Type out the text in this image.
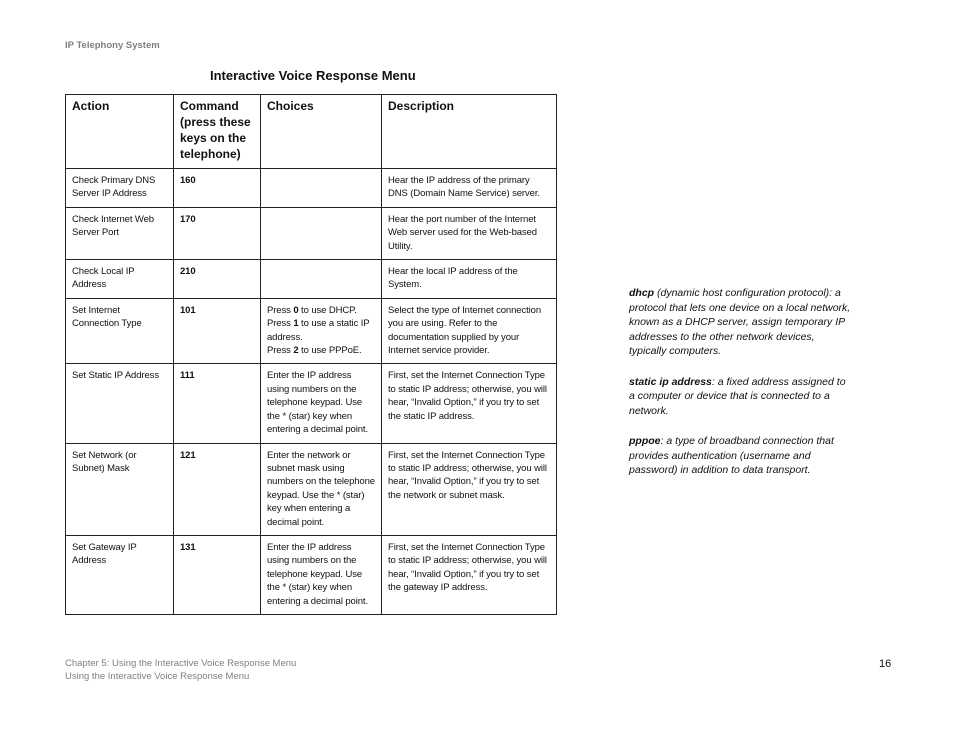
IP Telephony System
Interactive Voice Response Menu
Action	Command (press these keys on the telephone)	Choices	Description
Check Primary DNS Server IP Address	160		Hear the IP address of the primary DNS (Domain Name Service) server.
Check Internet Web Server Port	170		Hear the port number of the Internet Web server used for the Web-based Utility.
Check Local IP Address	210		Hear the local IP address of the System.
Set Internet Connection Type	101	Press 0 to use DHCP.
Press 1 to use a static IP address.
Press 2 to use PPPoE.	Select the type of Internet connection you are using. Refer to the documentation supplied by your Internet service provider.
Set Static IP Address	111	Enter the IP address using numbers on the telephone keypad. Use the * (star) key when entering a decimal point.	First, set the Internet Connection Type to static IP address; otherwise, you will hear, “Invalid Option,” if you try to set the static IP address.
Set Network (or Subnet) Mask	121	Enter the network or subnet mask using numbers on the telephone keypad. Use the * (star) key when entering a decimal point.	First, set the Internet Connection Type to static IP address; otherwise, you will hear, “Invalid Option,” if you try to set the network or subnet mask.
Set Gateway IP Address	131	Enter the IP address using numbers on the telephone keypad. Use the * (star) key when entering a decimal point.	First, set the Internet Connection Type to static IP address; otherwise, you will hear, “Invalid Option,” if you try to set the gateway IP address.

dhcp (dynamic host configuration protocol): a protocol that lets one device on a local network, known as a DHCP server, assign temporary IP addresses to the other network devices, typically computers.

static ip address: a fixed address assigned to a computer or device that is connected to a network.

pppoe: a type of broadband connection that provides authentication (username and password) in addition to data transport.

Chapter 5: Using the Interactive Voice Response Menu
Using the Interactive Voice Response Menu
16
